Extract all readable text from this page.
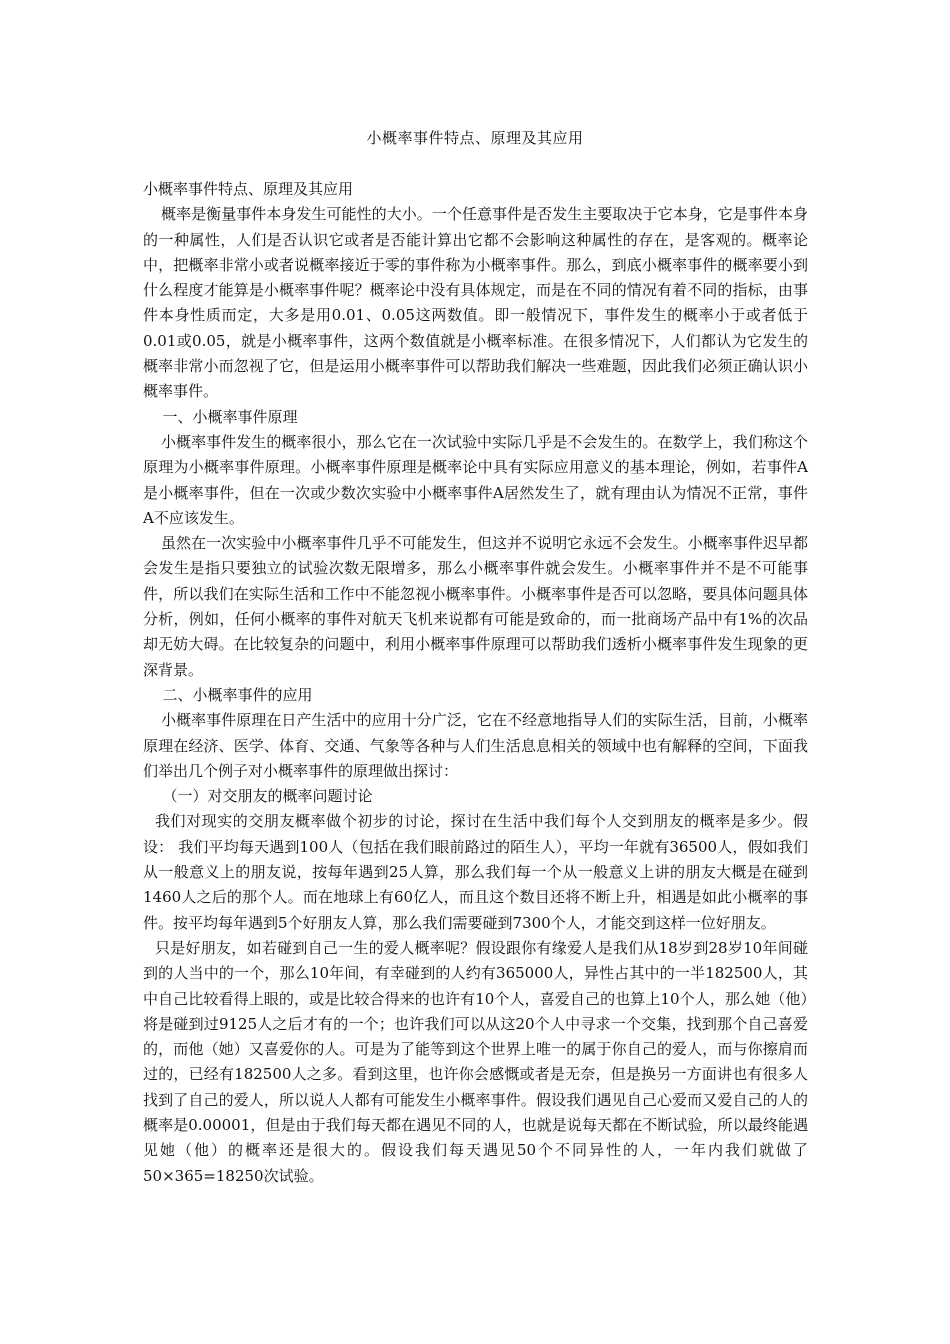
小概率事件特点、原理及其应用

小概率事件特点、原理及其应用

概率是衡量事件本身发生可能性的大小。一个任意事件是否发生主要取决于它本身，它是事件本身的一种属性，人们是否认识它或者是否能计算出它都不会影响这种属性的存在，是客观的。概率论中，把概率非常小或者说概率接近于零的事件称为小概率事件。那么，到底小概率事件的概率要小到什么程度才能算是小概率事件呢？概率论中没有具体规定，而是在不同的情况有着不同的指标，由事件本身性质而定，大多是用0.01、0.05这两数值。即一般情况下，事件发生的概率小于或者低于0.01或0.05，就是小概率事件，这两个数值就是小概率标准。在很多情况下，人们都认为它发生的概率非常小而忽视了它，但是运用小概率事件可以帮助我们解决一些难题，因此我们必须正确认识小概率事件。

一、小概率事件原理

小概率事件发生的概率很小，那么它在一次试验中实际几乎是不会发生的。在数学上，我们称这个原理为小概率事件原理。小概率事件原理是概率论中具有实际应用意义的基本理论，例如，若事件A是小概率事件，但在一次或少数次实验中小概率事件A居然发生了，就有理由认为情况不正常，事件A不应该发生。

虽然在一次实验中小概率事件几乎不可能发生，但这并不说明它永远不会发生。小概率事件迟早都会发生是指只要独立的试验次数无限增多，那么小概率事件就会发生。小概率事件并不是不可能事件，所以我们在实际生活和工作中不能忽视小概率事件。小概率事件是否可以忽略，要具体问题具体分析，例如，任何小概率的事件对航天飞机来说都有可能是致命的，而一批商场产品中有1%的次品却无妨大碍。在比较复杂的问题中，利用小概率事件原理可以帮助我们透析小概率事件发生现象的更深背景。

二、小概率事件的应用

小概率事件原理在日产生活中的应用十分广泛，它在不经意地指导人们的实际生活，目前，小概率原理在经济、医学、体育、交通、气象等各种与人们生活息息相关的领域中也有解释的空间，下面我们举出几个例子对小概率事件的原理做出探讨：

（一）对交朋友的概率问题讨论

我们对现实的交朋友概率做个初步的讨论，探讨在生活中我们每个人交到朋友的概率是多少。假设： 我们平均每天遇到100人（包括在我们眼前路过的陌生人），平均一年就有36500人，假如我们从一般意义上的朋友说，按每年遇到25人算，那么我们每一个从一般意义上讲的朋友大概是在碰到1460人之后的那个人。而在地球上有60亿人，而且这个数目还将不断上升，相遇是如此小概率的事件。按平均每年遇到5个好朋友人算，那么我们需要碰到7300个人，才能交到这样一位好朋友。

只是好朋友，如若碰到自己一生的爱人概率呢？假设跟你有缘爱人是我们从18岁到28岁10年间碰到的人当中的一个，那么10年间，有幸碰到的人约有365000人，异性占其中的一半182500人，其中自己比较看得上眼的，或是比较合得来的也许有10个人，喜爱自己的也算上10个人，那么她（他）将是碰到过9125人之后才有的一个；也许我们可以从这20个人中寻求一个交集，找到那个自己喜爱的，而他（她）又喜爱你的人。可是为了能等到这个世界上唯一的属于你自己的爱人，而与你擦肩而过的，已经有182500人之多。看到这里，也许你会感慨或者是无奈，但是换另一方面讲也有很多人找到了自己的爱人，所以说人人都有可能发生小概率事件。假设我们遇见自己心爱而又爱自己的人的概率是0.00001，但是由于我们每天都在遇见不同的人，也就是说每天都在不断试验，所以最终能遇见她（他）的概率还是很大的。假设我们每天遇见50个不同异性的人，一年内我们就做了50×365=18250次试验。
